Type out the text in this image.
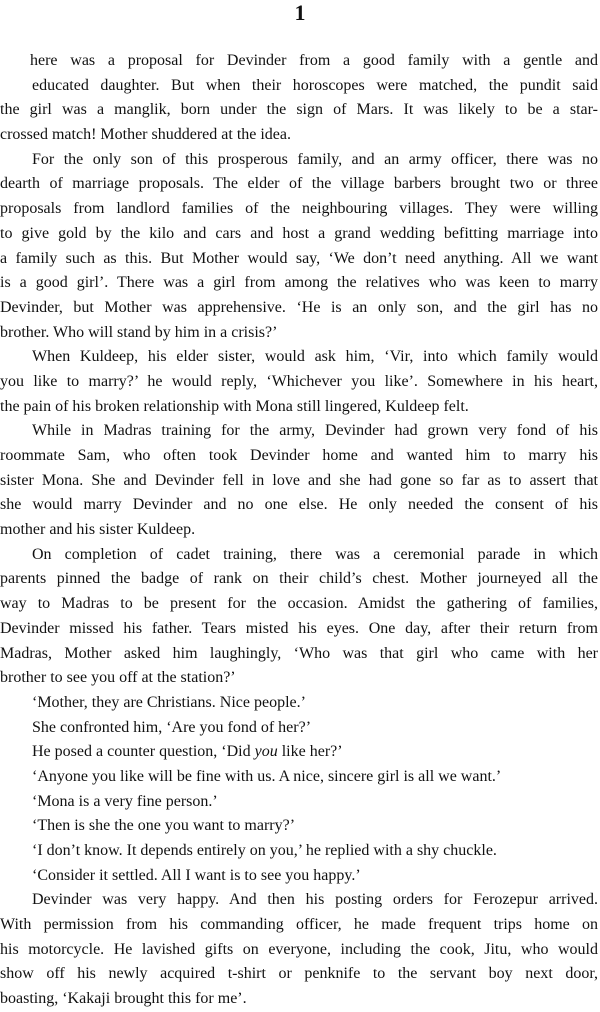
1
here was a proposal for Devinder from a good family with a gentle and
educated daughter. But when their horoscopes were matched, the pundit said
the girl was a manglik, born under the sign of Mars. It was likely to be a star-
crossed match! Mother shuddered at the idea.
For the only son of this prosperous family, and an army officer, there was no
dearth of marriage proposals. The elder of the village barbers brought two or three
proposals from landlord families of the neighbouring villages. They were willing
to give gold by the kilo and cars and host a grand wedding befitting marriage into
a family such as this. But Mother would say, ‘We don’t need anything. All we want
is a good girl’. There was a girl from among the relatives who was keen to marry
Devinder, but Mother was apprehensive. ‘He is an only son, and the girl has no
brother. Who will stand by him in a crisis?’
When Kuldeep, his elder sister, would ask him, ‘Vir, into which family would
you like to marry?’ he would reply, ‘Whichever you like’. Somewhere in his heart,
the pain of his broken relationship with Mona still lingered, Kuldeep felt.
While in Madras training for the army, Devinder had grown very fond of his
roommate Sam, who often took Devinder home and wanted him to marry his
sister Mona. She and Devinder fell in love and she had gone so far as to assert that
she would marry Devinder and no one else. He only needed the consent of his
mother and his sister Kuldeep.
On completion of cadet training, there was a ceremonial parade in which
parents pinned the badge of rank on their child’s chest. Mother journeyed all the
way to Madras to be present for the occasion. Amidst the gathering of families,
Devinder missed his father. Tears misted his eyes. One day, after their return from
Madras, Mother asked him laughingly, ‘Who was that girl who came with her
brother to see you off at the station?’
‘Mother, they are Christians. Nice people.’
She confronted him, ‘Are you fond of her?’
He posed a counter question, ‘Did you like her?’
‘Anyone you like will be fine with us. A nice, sincere girl is all we want.’
‘Mona is a very fine person.’
‘Then is she the one you want to marry?’
‘I don’t know. It depends entirely on you,’ he replied with a shy chuckle.
‘Consider it settled. All I want is to see you happy.’
Devinder was very happy. And then his posting orders for Ferozepur arrived.
With permission from his commanding officer, he made frequent trips home on
his motorcycle. He lavished gifts on everyone, including the cook, Jitu, who would
show off his newly acquired t-shirt or penknife to the servant boy next door,
boasting, ‘Kakaji brought this for me’.
